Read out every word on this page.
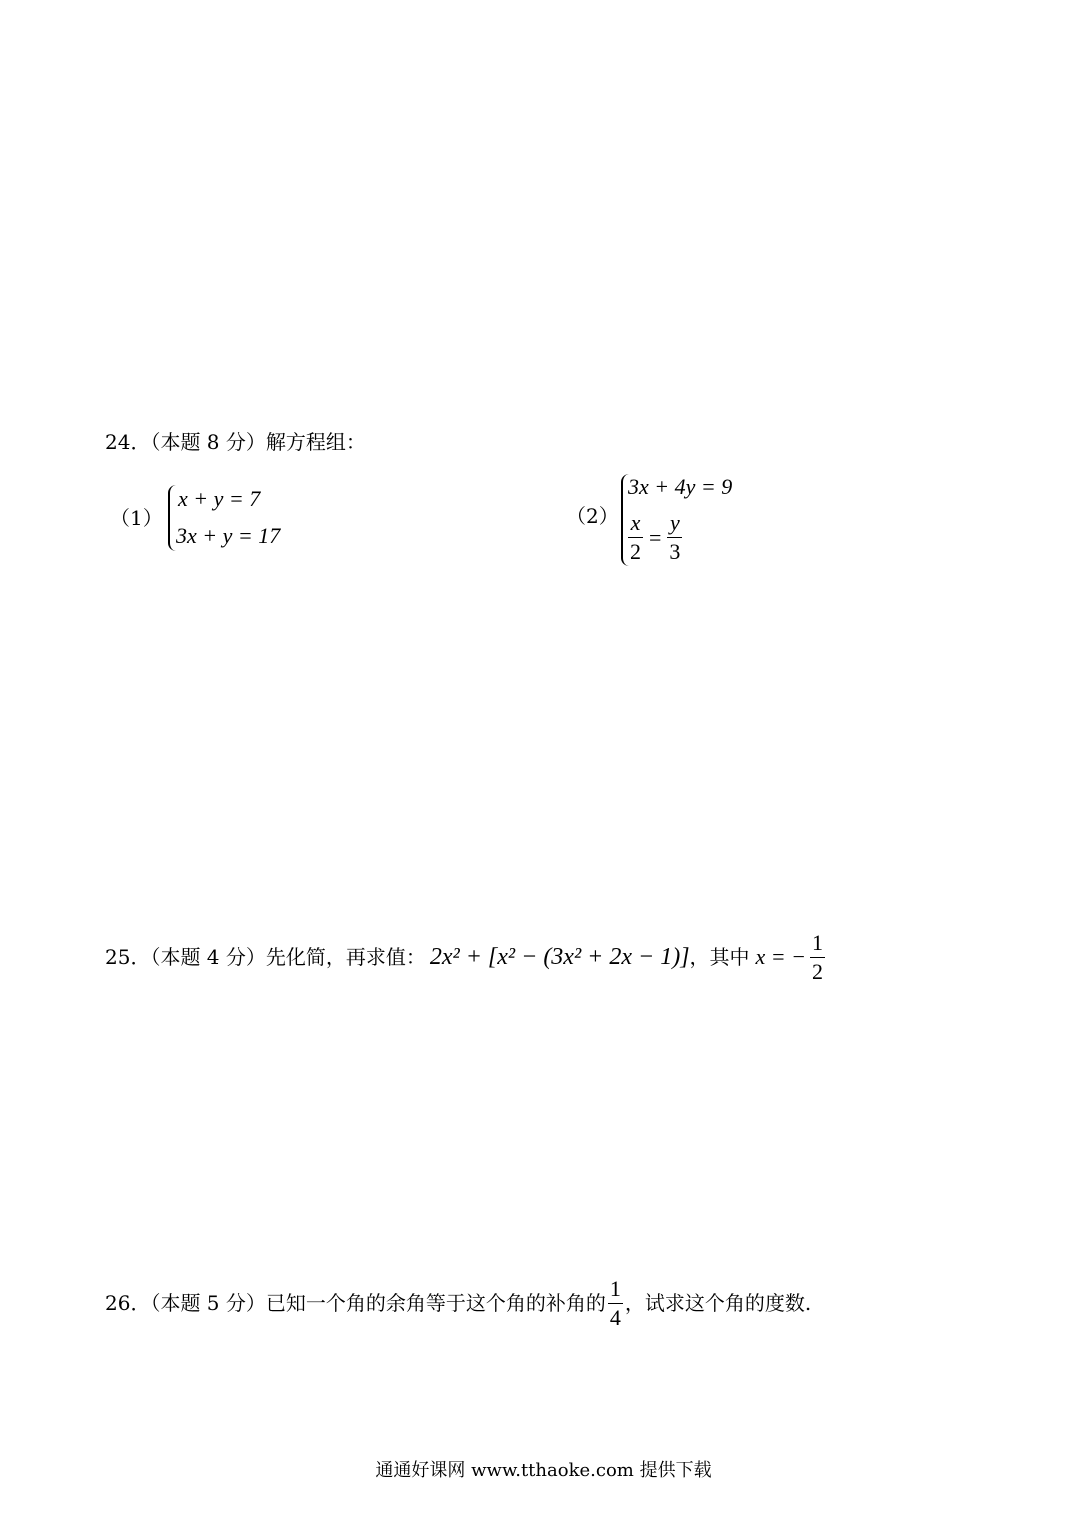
24．（本题 8 分）解方程组：
（1）
x + y = 7
3x + y = 17
（2）
3x + 4y = 9
$\frac{x}{2} = \frac{y}{3}$
25．（本题 4 分）先化简，再求值： 2x² + [x² − (3x² + 2x − 1)] ，其中 x = − $\frac{1}{2}$
26．（本题 5 分）已知一个角的余角等于这个角的补角的 $\frac{1}{4}$ ，试求这个角的度数.
通通好课网 www.tthaoke.com 提供下载
